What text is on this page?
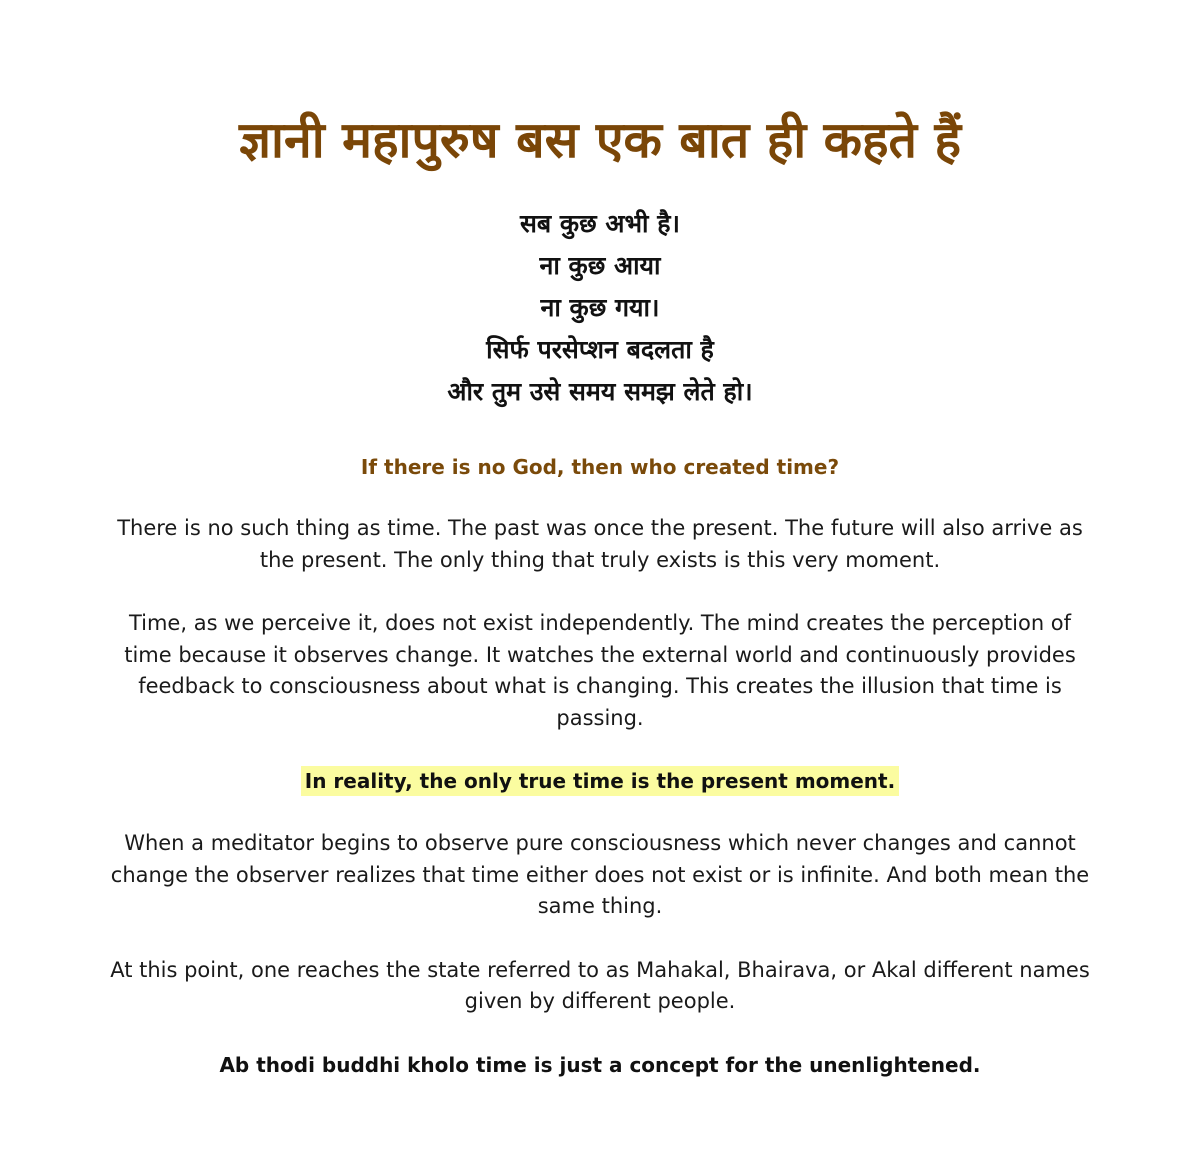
ज्ञानी महापुरुष बस एक बात ही कहते हैं
सब कुछ अभी है।
ना कुछ आया
ना कुछ गया।
सिर्फ परसेप्शन बदलता है
और तुम उसे समय समझ लेते हो।
If there is no God, then who created time?
There is no such thing as time. The past was once the present. The future will also arrive as the present. The only thing that truly exists is this very moment.
Time, as we perceive it, does not exist independently. The mind creates the perception of time because it observes change. It watches the external world and continuously provides feedback to consciousness about what is changing. This creates the illusion that time is passing.
In reality, the only true time is the present moment.
When a meditator begins to observe pure consciousness which never changes and cannot change the observer realizes that time either does not exist or is infinite. And both mean the same thing.
At this point, one reaches the state referred to as Mahakal, Bhairava, or Akal different names given by different people.
Ab thodi buddhi kholo time is just a concept for the unenlightened.
